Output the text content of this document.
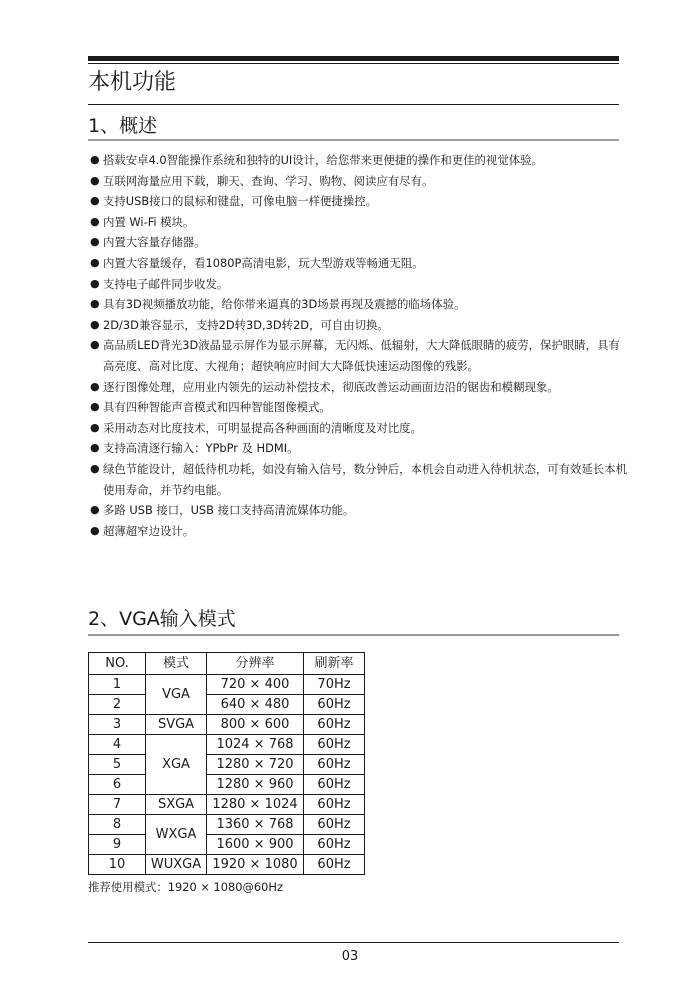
本机功能
1、概述
● 搭载安卓4.0智能操作系统和独特的UI设计，给您带来更便捷的操作和更佳的视觉体验。
● 互联网海量应用下载，聊天、查询、学习、购物、阅读应有尽有。
● 支持USB接口的鼠标和键盘，可像电脑一样便捷操控。
● 内置 Wi-Fi 模块。
● 内置大容量存储器。
● 内置大容量缓存，看1080P高清电影，玩大型游戏等畅通无阻。
● 支持电子邮件同步收发。
● 具有3D视频播放功能，给你带来逼真的3D场景再现及震撼的临场体验。
● 2D/3D兼容显示，支持2D转3D,3D转2D，可自由切换。
● 高品质LED背光3D液晶显示屏作为显示屏幕，无闪烁、低辐射，大大降低眼睛的疲劳，保护眼睛，具有高亮度、高对比度、大视角；超快响应时间大大降低快速运动图像的残影。
● 逐行图像处理，应用业内领先的运动补偿技术，彻底改善运动画面边沿的锯齿和模糊现象。
● 具有四种智能声音模式和四种智能图像模式。
● 采用动态对比度技术，可明显提高各种画面的清晰度及对比度。
● 支持高清逐行输入：YPbPr 及 HDMI。
● 绿色节能设计，超低待机功耗，如没有输入信号，数分钟后，本机会自动进入待机状态，可有效延长本机使用寿命，并节约电能。
● 多路 USB 接口，USB 接口支持高清流媒体功能。
● 超薄超窄边设计。
2、VGA输入模式
NO.	模式	分辨率	刷新率
1	VGA	720 × 400	70Hz
2		640 × 480	60Hz
3	SVGA	800 × 600	60Hz
4	XGA	1024 × 768	60Hz
5		1280 × 720	60Hz
6		1280 × 960	60Hz
7	SXGA	1280 × 1024	60Hz
8	WXGA	1360 × 768	60Hz
9		1600 × 900	60Hz
10	WUXGA	1920 × 1080	60Hz
推荐使用模式：1920 × 1080@60Hz
03
